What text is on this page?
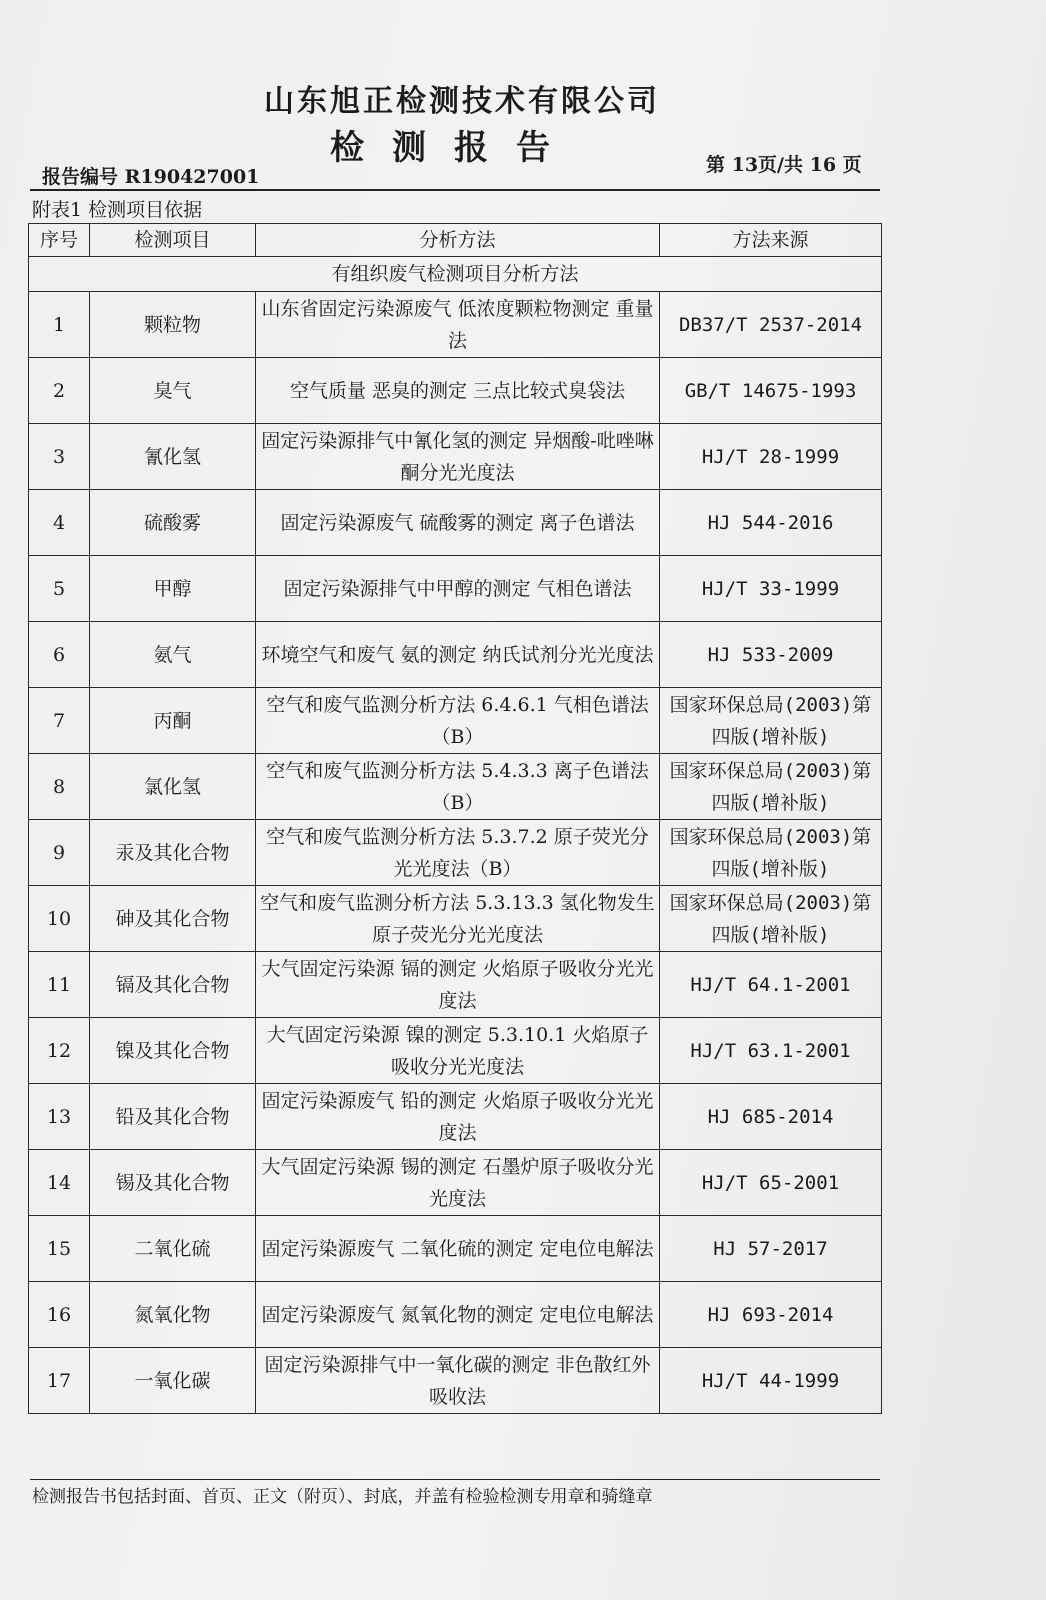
山东旭正检测技术有限公司
检测报告
报告编号 R190427001
第 13页/共 16 页
附表1 检测项目依据
序号	检测项目	分析方法	方法来源
有组织废气检测项目分析方法			
1	颗粒物	山东省固定污染源废气 低浓度颗粒物测定 重量法	DB37/T 2537-2014
2	臭气	空气质量 恶臭的测定 三点比较式臭袋法	GB/T 14675-1993
3	氰化氢	固定污染源排气中氰化氢的测定 异烟酸-吡唑啉酮分光光度法	HJ/T 28-1999
4	硫酸雾	固定污染源废气 硫酸雾的测定 离子色谱法	HJ 544-2016
5	甲醇	固定污染源排气中甲醇的测定 气相色谱法	HJ/T 33-1999
6	氨气	环境空气和废气 氨的测定 纳氏试剂分光光度法	HJ 533-2009
7	丙酮	空气和废气监测分析方法 6.4.6.1 气相色谱法（B）	国家环保总局(2003)第四版(增补版)
8	氯化氢	空气和废气监测分析方法 5.4.3.3 离子色谱法（B）	国家环保总局(2003)第四版(增补版)
9	汞及其化合物	空气和废气监测分析方法 5.3.7.2 原子荧光分光光度法（B）	国家环保总局(2003)第四版(增补版)
10	砷及其化合物	空气和废气监测分析方法 5.3.13.3 氢化物发生 原子荧光分光光度法	国家环保总局(2003)第四版(增补版)
11	镉及其化合物	大气固定污染源 镉的测定 火焰原子吸收分光光度法	HJ/T 64.1-2001
12	镍及其化合物	大气固定污染源 镍的测定 5.3.10.1 火焰原子吸收分光光度法	HJ/T 63.1-2001
13	铅及其化合物	固定污染源废气 铅的测定 火焰原子吸收分光光度法	HJ 685-2014
14	锡及其化合物	大气固定污染源 锡的测定 石墨炉原子吸收分光光度法	HJ/T 65-2001
15	二氧化硫	固定污染源废气 二氧化硫的测定 定电位电解法	HJ 57-2017
16	氮氧化物	固定污染源废气 氮氧化物的测定 定电位电解法	HJ 693-2014
17	一氧化碳	固定污染源排气中一氧化碳的测定 非色散红外吸收法	HJ/T 44-1999
检测报告书包括封面、首页、正文（附页）、封底，并盖有检验检测专用章和骑缝章
